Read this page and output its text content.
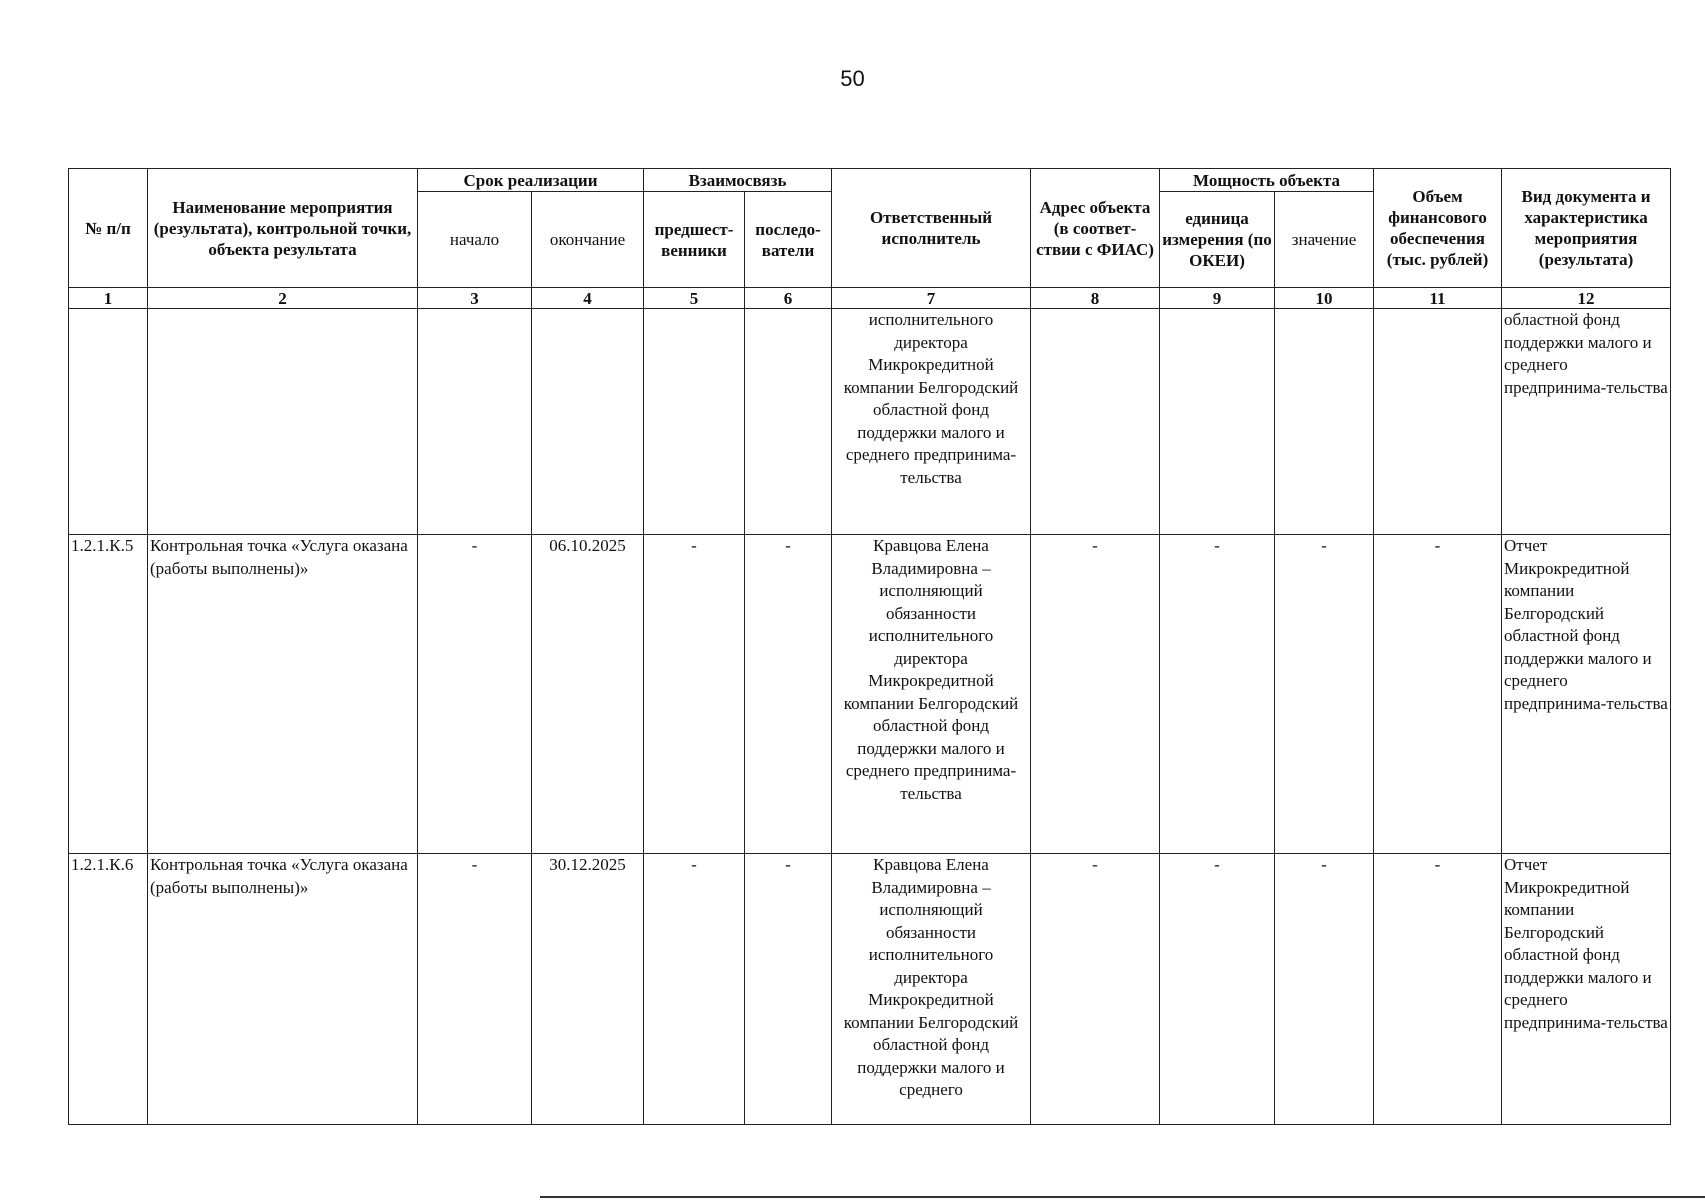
50
№ п/п	Наименование мероприятия (результата), контрольной точки, объекта результата	Срок реализации		Взаимосвязь		Ответственный исполнитель	Адрес объекта (в соответ-ствии с ФИАС)	Мощность объекта		Объем финансового обеспечения (тыс. рублей)	Вид документа и характеристика мероприятия (результата)
		начало	окончание	предшест-венники	последо-ватели			единица измерения (по ОКЕИ)	значение		
1	2	3	4	5	6	7	8	9	10	11	12
						исполнительного директора Микрокредитной компании Белгородский областной фонд поддержки малого и среднего предпринима-тельства					областной фонд поддержки малого и среднего предпринима-тельства
1.2.1.К.5	Контрольная точка «Услуга оказана (работы выполнены)»	-	06.10.2025	-	-	Кравцова Елена Владимировна – исполняющий обязанности исполнительного директора Микрокредитной компании Белгородский областной фонд поддержки малого и среднего предпринима-тельства	-	-	-	-	Отчет Микрокредитной компании Белгородский областной фонд поддержки малого и среднего предпринима-тельства
1.2.1.К.6	Контрольная точка «Услуга оказана (работы выполнены)»	-	30.12.2025	-	-	Кравцова Елена Владимировна – исполняющий обязанности исполнительного директора Микрокредитной компании Белгородский областной фонд поддержки малого и среднего	-	-	-	-	Отчет Микрокредитной компании Белгородский областной фонд поддержки малого и среднего предпринима-тельства
